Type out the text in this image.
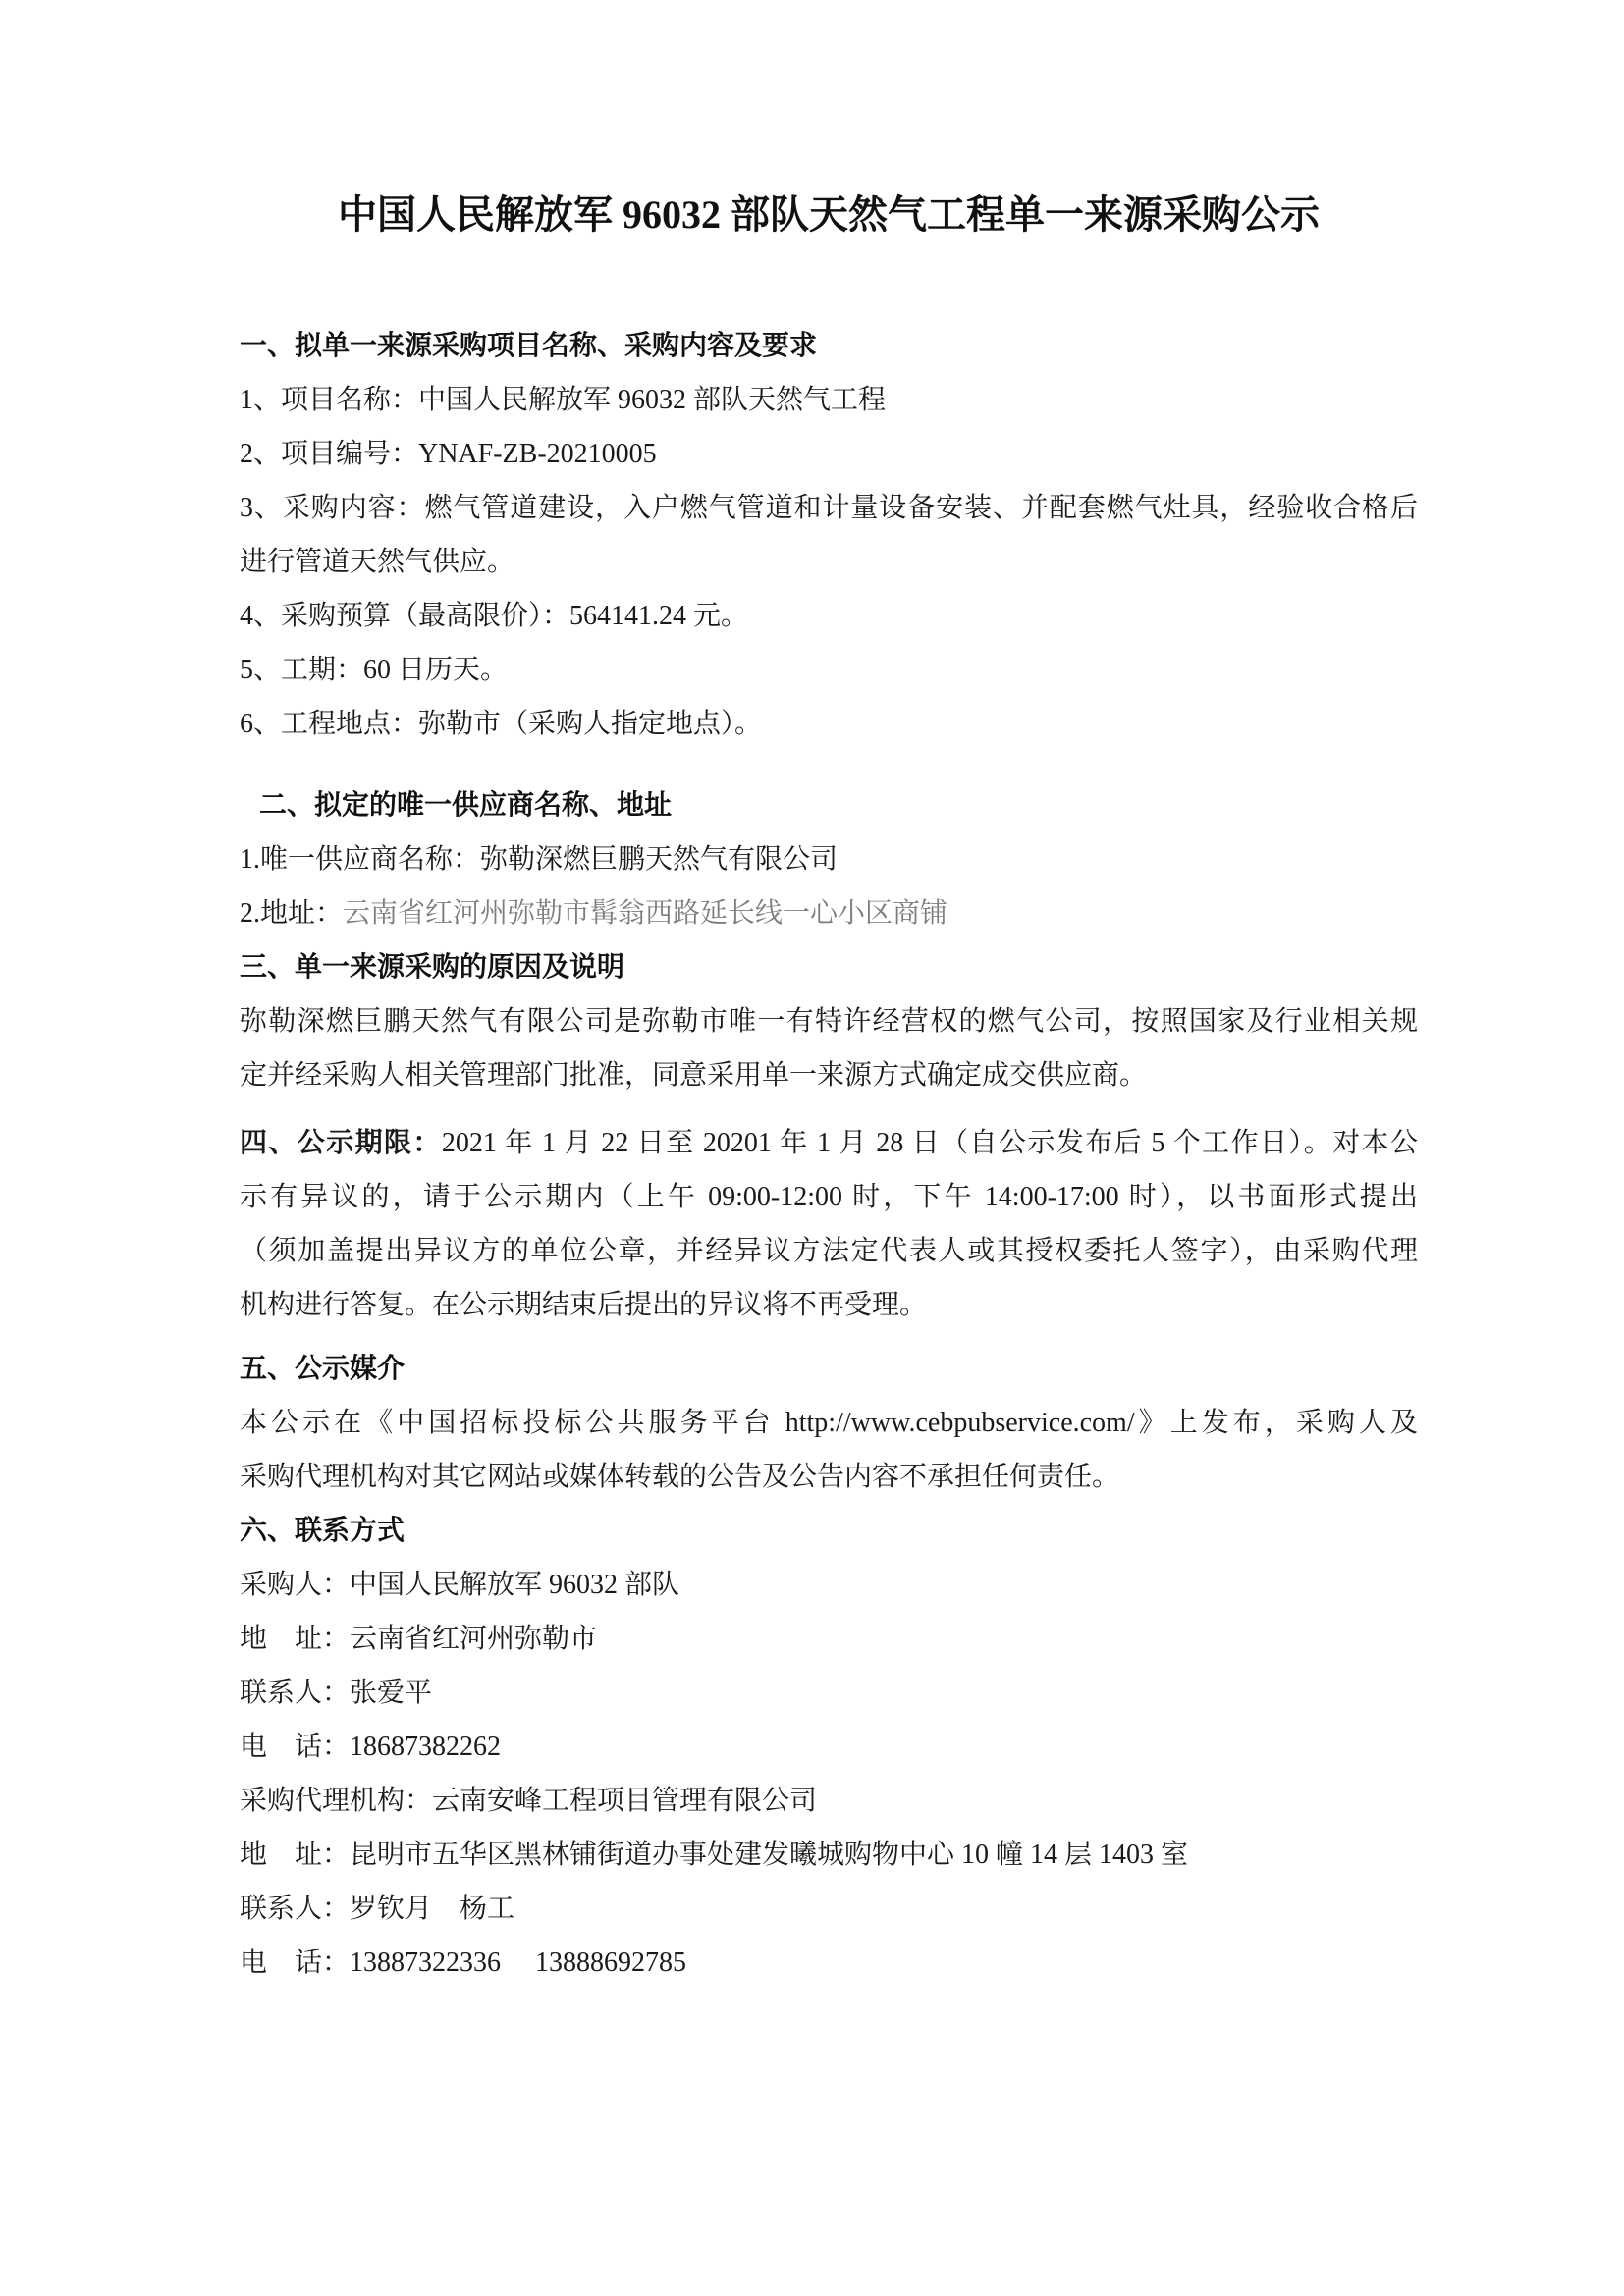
中国人民解放军 96032 部队天然气工程单一来源采购公示
一、拟单一来源采购项目名称、采购内容及要求

1、项目名称：中国人民解放军 96032 部队天然气工程

2、项目编号：YNAF-ZB-20210005

3、采购内容：燃气管道建设，入户燃气管道和计量设备安装、并配套燃气灶具，经验收合格后

进行管道天然气供应。

4、采购预算（最高限价）：564141.24 元。

5、工期：60 日历天。

6、工程地点：弥勒市（采购人指定地点）。

二、拟定的唯一供应商名称、地址

1.唯一供应商名称：弥勒深燃巨鹏天然气有限公司

2.地址：云南省红河州弥勒市髯翁西路延长线一心小区商铺

三、单一来源采购的原因及说明

弥勒深燃巨鹏天然气有限公司是弥勒市唯一有特许经营权的燃气公司，按照国家及行业相关规

定并经采购人相关管理部门批准，同意采用单一来源方式确定成交供应商。

四、公示期限：2021 年 1 月 22 日至 20201 年 1 月 28 日（自公示发布后 5 个工作日）。对本公

示有异议的，请于公示期内（上午 09:00-12:00 时，下午 14:00-17:00 时），以书面形式提出

（须加盖提出异议方的单位公章，并经异议方法定代表人或其授权委托人签字），由采购代理

机构进行答复。在公示期结束后提出的异议将不再受理。

五、公示媒介

本公示在《中国招标投标公共服务平台 http://www.cebpubservice.com/》上发布，采购人及

采购代理机构对其它网站或媒体转载的公告及公告内容不承担任何责任。

六、联系方式

采购人：中国人民解放军 96032 部队

地　址：云南省红河州弥勒市

联系人：张爱平

电　话：18687382262

采购代理机构：云南安峰工程项目管理有限公司

地　址：昆明市五华区黑林铺街道办事处建发曦城购物中心 10 幢 14 层 1403 室

联系人：罗钦月　杨工

电　话：13887322336　 13888692785
